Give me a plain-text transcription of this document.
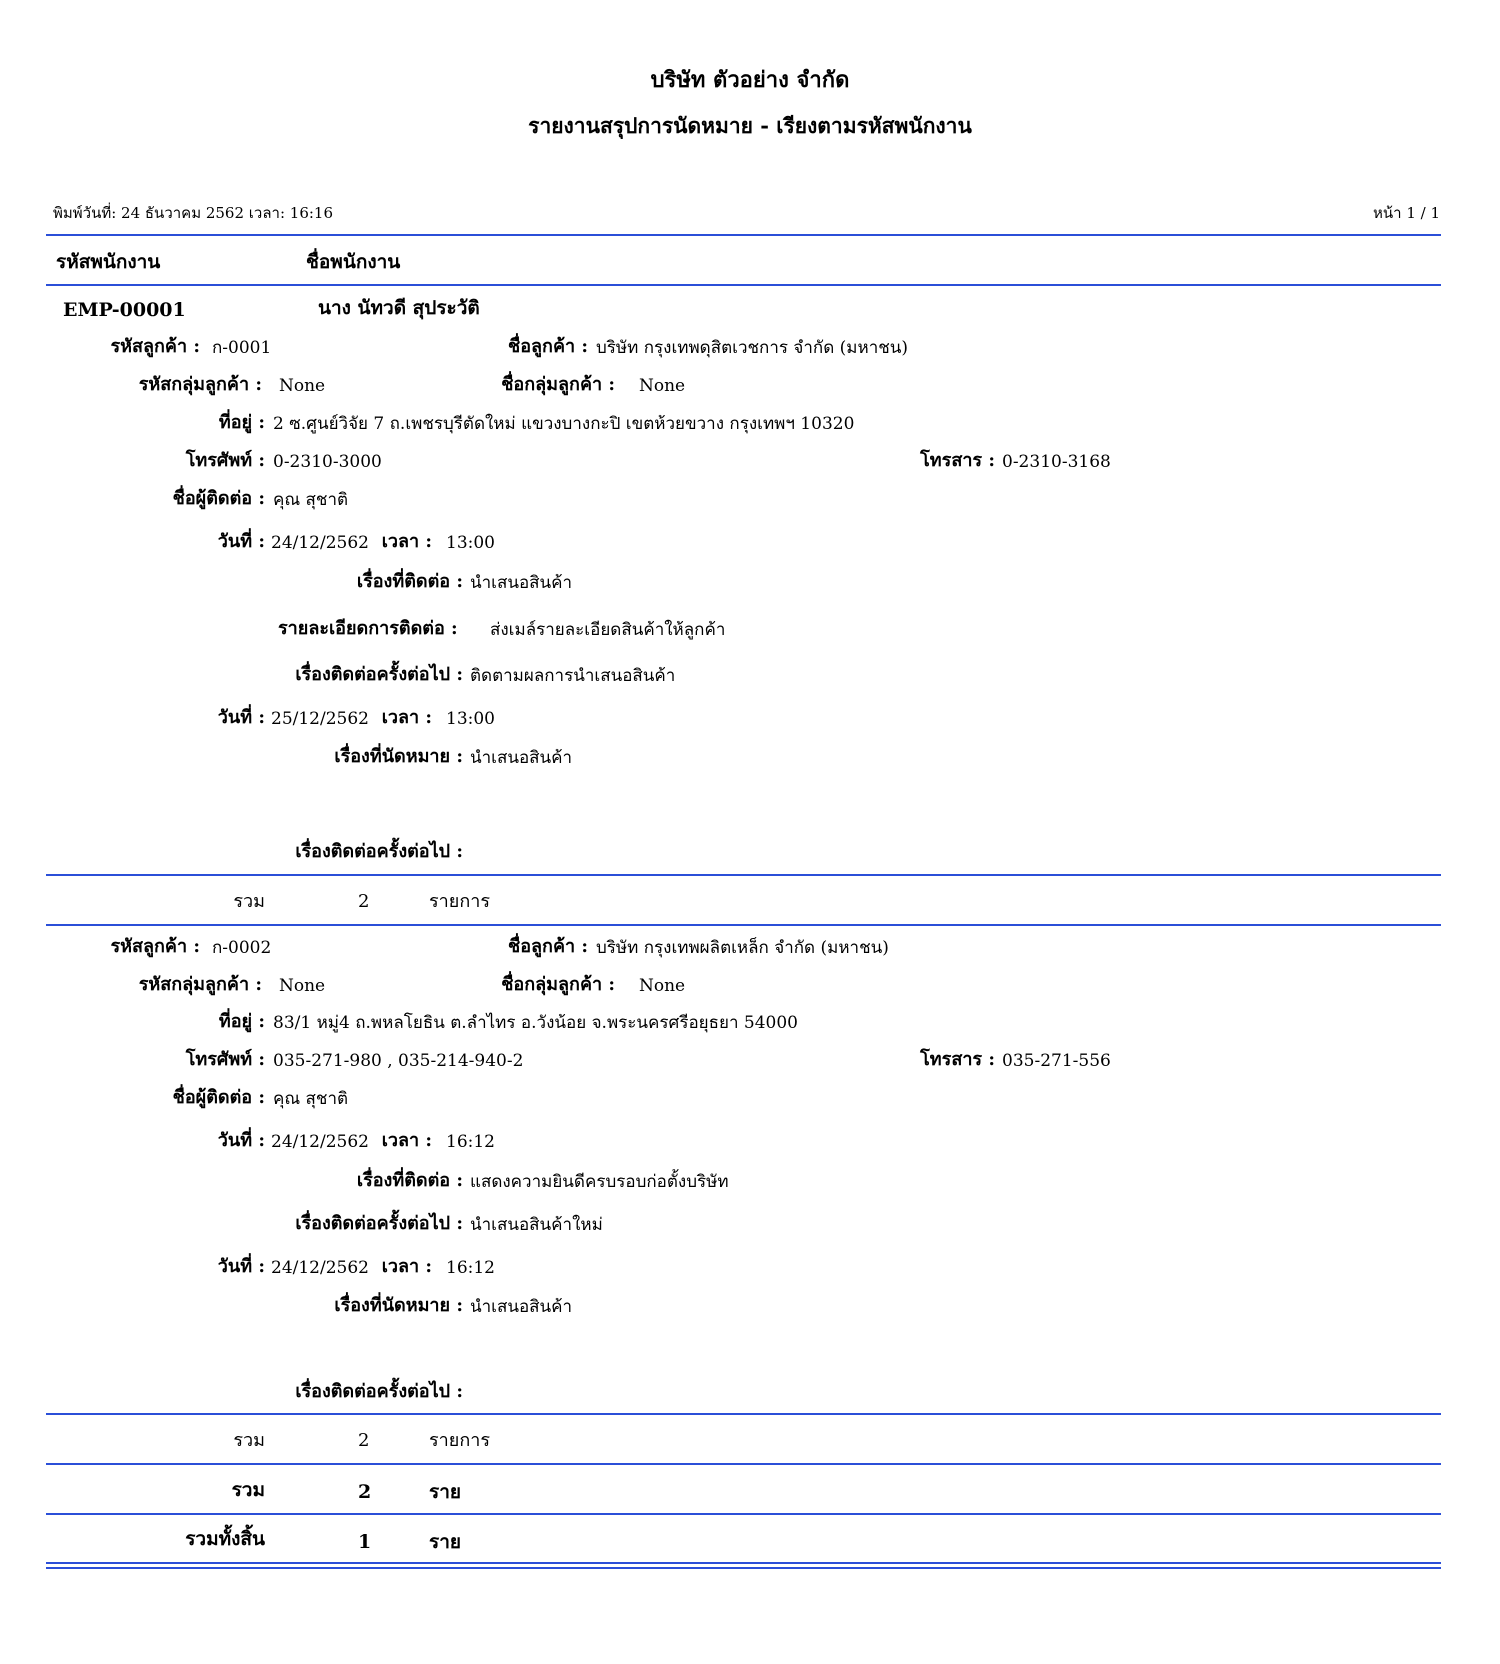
บริษัท ตัวอย่าง จำกัด
รายงานสรุปการนัดหมาย - เรียงตามรหัสพนักงาน
พิมพ์วันที่: 24 ธันวาคม 2562 เวลา: 16:16	หน้า 1 / 1
รหัสพนักงาน	ชื่อพนักงาน
EMP-00001	นาง นัทวดี สุประวัติ
รหัสลูกค้า : ก-0001	ชื่อลูกค้า : บริษัท กรุงเทพดุสิตเวชการ จำกัด (มหาชน)
รหัสกลุ่มลูกค้า : None	ชื่อกลุ่มลูกค้า : None
ที่อยู่ : 2 ซ.ศูนย์วิจัย 7 ถ.เพชรบุรีตัดใหม่ แขวงบางกะปิ เขตห้วยขวาง กรุงเทพฯ 10320
โทรศัพท์ : 0-2310-3000	โทรสาร : 0-2310-3168
ชื่อผู้ติดต่อ : คุณ สุชาติ
วันที่ : 24/12/2562 เวลา : 13:00
เรื่องที่ติดต่อ : นำเสนอสินค้า
รายละเอียดการติดต่อ : ส่งเมล์รายละเอียดสินค้าให้ลูกค้า
เรื่องติดต่อครั้งต่อไป : ติดตามผลการนำเสนอสินค้า
วันที่ : 25/12/2562 เวลา : 13:00
เรื่องที่นัดหมาย : นำเสนอสินค้า
เรื่องติดต่อครั้งต่อไป :
รวม	2	รายการ
รหัสลูกค้า : ก-0002	ชื่อลูกค้า : บริษัท กรุงเทพผลิตเหล็ก จำกัด (มหาชน)
รหัสกลุ่มลูกค้า : None	ชื่อกลุ่มลูกค้า : None
ที่อยู่ : 83/1 หมู่4 ถ.พหลโยธิน ต.ลำไทร อ.วังน้อย จ.พระนครศรีอยุธยา 54000
โทรศัพท์ : 035-271-980 , 035-214-940-2	โทรสาร : 035-271-556
ชื่อผู้ติดต่อ : คุณ สุชาติ
วันที่ : 24/12/2562 เวลา : 16:12
เรื่องที่ติดต่อ : แสดงความยินดีครบรอบก่อตั้งบริษัท
เรื่องติดต่อครั้งต่อไป : นำเสนอสินค้าใหม่
วันที่ : 24/12/2562 เวลา : 16:12
เรื่องที่นัดหมาย : นำเสนอสินค้า
เรื่องติดต่อครั้งต่อไป :
รวม	2	รายการ
รวม	2	ราย
รวมทั้งสิ้น	1	ราย
